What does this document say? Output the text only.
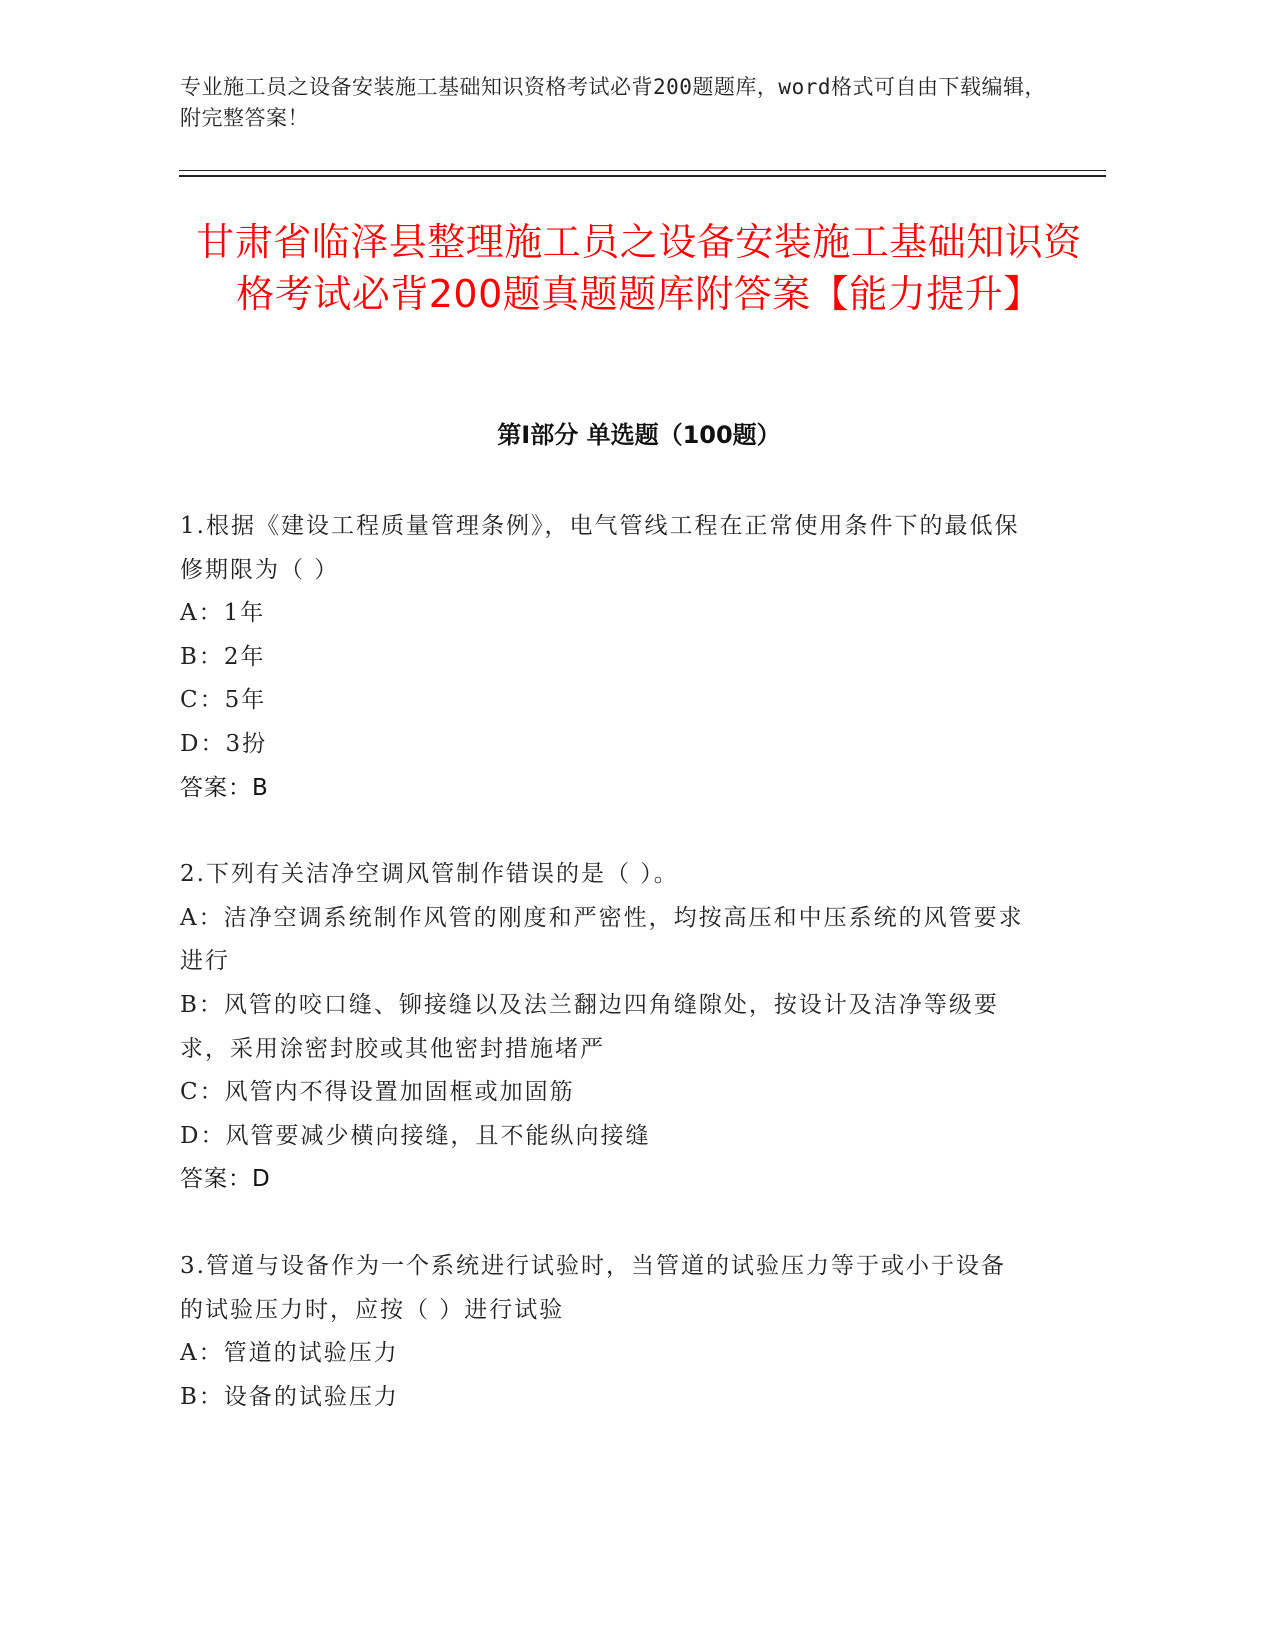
专业施工员之设备安装施工基础知识资格考试必背200题题库，word格式可自由下载编辑，附完整答案！
甘肃省临泽县整理施工员之设备安装施工基础知识资格考试必背200题真题题库附答案【能力提升】
第I部分 单选题（100题）

1.根据《建设工程质量管理条例》，电气管线工程在正常使用条件下的最低保修期限为（ ）

A：1年

B：2年

C：5年

D：3扮

答案：B

2.下列有关洁净空调风管制作错误的是（ ）。

A：洁净空调系统制作风管的刚度和严密性，均按高压和中压系统的风管要求进行

B：风管的咬口缝、铆接缝以及法兰翻边四角缝隙处，按设计及洁净等级要求，采用涂密封胶或其他密封措施堵严

C：风管内不得设置加固框或加固筋

D：风管要减少横向接缝，且不能纵向接缝

答案：D

3.管道与设备作为一个系统进行试验时，当管道的试验压力等于或小于设备的试验压力时，应按（ ）进行试验

A：管道的试验压力

B：设备的试验压力
